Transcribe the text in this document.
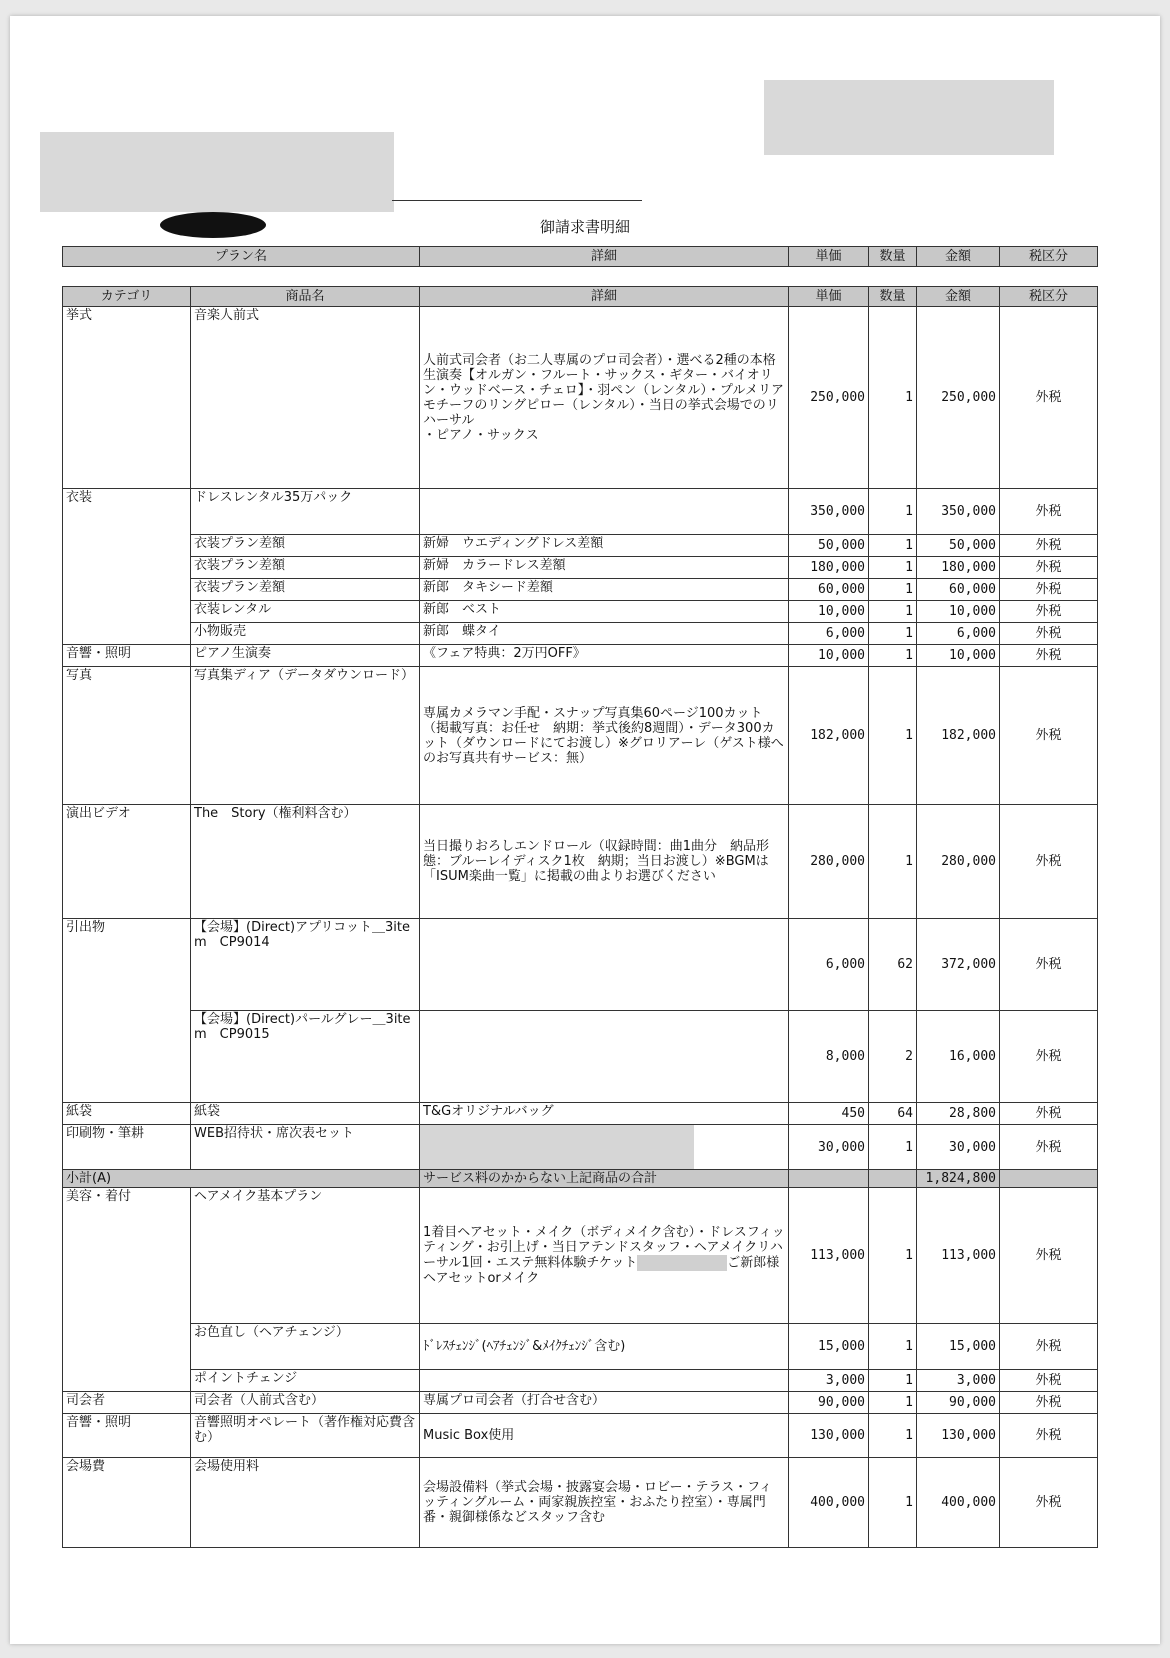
御請求書明細
プラン名	詳細	単価	数量	金額	税区分
カテゴリ	商品名	詳細	単価	数量	金額	税区分
挙式	音楽人前式	人前式司会者（お二人専属のプロ司会者）・選べる2種の本格生演奏【オルガン・フルート・サックス・ギター・バイオリン・ウッドベース・チェロ】・羽ペン（レンタル）・プルメリアモチーフのリングピロー（レンタル）・当日の挙式会場でのリハーサル
・ピアノ・サックス	250,000	1	250,000	外税
衣装	ドレスレンタル35万パック		350,000	1	350,000	外税
	衣装プラン差額	新婦　ウエディングドレス差額	50,000	1	50,000	外税
	衣装プラン差額	新婦　カラードレス差額	180,000	1	180,000	外税
	衣装プラン差額	新郎　タキシード差額	60,000	1	60,000	外税
	衣装レンタル	新郎　ベスト	10,000	1	10,000	外税
	小物販売	新郎　蝶タイ	6,000	1	6,000	外税
音響・照明	ピアノ生演奏	《フェア特典：2万円OFF》	10,000	1	10,000	外税
写真	写真集ディア（データダウンロード）	専属カメラマン手配・スナップ写真集60ページ100カット（掲載写真：お任せ　納期：挙式後約8週間）・データ300カット（ダウンロードにてお渡し）※グロリアーレ（ゲスト様へのお写真共有サービス：無）	182,000	1	182,000	外税
演出ビデオ	The　Story（権利料含む）	当日撮りおろしエンドロール（収録時間：曲1曲分　納品形態：ブルーレイディスク1枚　納期；当日お渡し）※BGMは「ISUM楽曲一覧」に掲載の曲よりお選びください	280,000	1	280,000	外税
引出物	【会場】(Direct)アプリコット＿3item　CP9014		6,000	62	372,000	外税
	【会場】(Direct)パールグレー＿3item　CP9015		8,000	2	16,000	外税
紙袋	紙袋	T&Gオリジナルバッグ	450	64	28,800	外税
印刷物・筆耕	WEB招待状・席次表セット		30,000	1	30,000	外税
小計(A)		サービス料のかからない上記商品の合計			1,824,800	
美容・着付	ヘアメイク基本プラン	1着目ヘアセット・メイク（ボディメイク含む）・ドレスフィッティング・お引上げ・当日アテンドスタッフ・ヘアメイクリハーサル1回・エステ無料体験チケット ご新郎様ヘアセットorメイク	113,000	1	113,000	外税
	お色直し（ヘアチェンジ）	ﾄﾞﾚｽﾁｪﾝｼﾞ(ﾍｱﾁｪﾝｼﾞ&ﾒｲｸﾁｪﾝｼﾞ含む)	15,000	1	15,000	外税
	ポイントチェンジ		3,000	1	3,000	外税
司会者	司会者（人前式含む）	専属プロ司会者（打合せ含む）	90,000	1	90,000	外税
音響・照明	音響照明オペレート（著作権対応費含む）	Music Box使用	130,000	1	130,000	外税
会場費	会場使用料	会場設備料（挙式会場・披露宴会場・ロビー・テラス・フィッティングルーム・両家親族控室・おふたり控室）・専属門番・親御様係などスタッフ含む	400,000	1	400,000	外税
